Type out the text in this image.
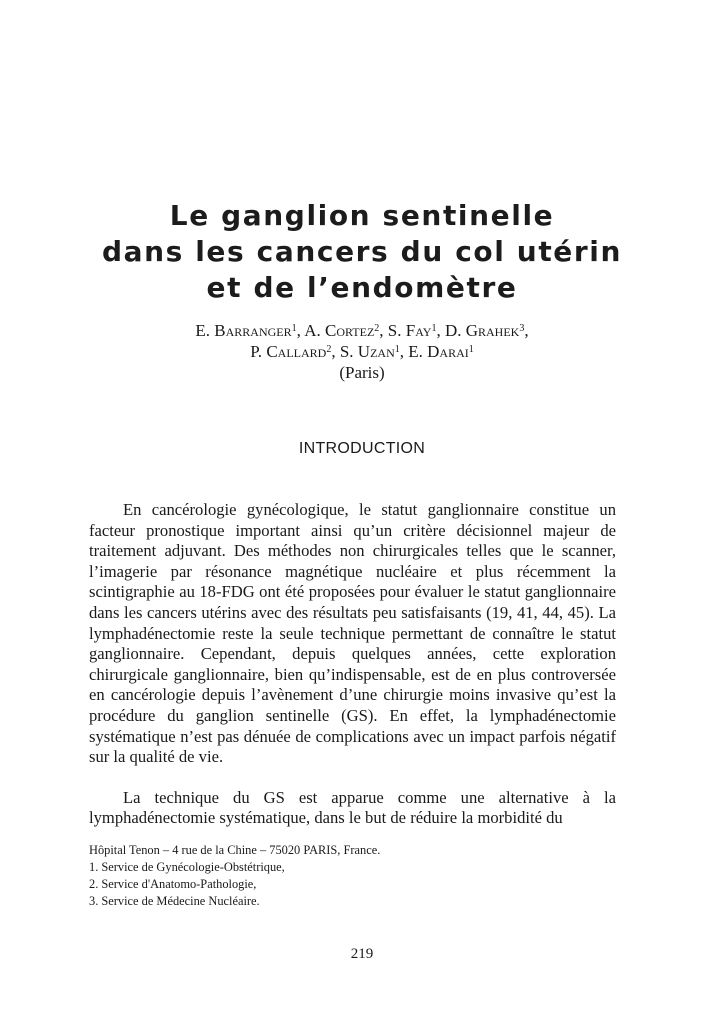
Le ganglion sentinelle
dans les cancers du col utérin
et de l’endomètre
E. Barranger$^1$, A. Cortez$^2$, S. Fay$^1$, D. Grahek$^3$,
P. Callard$^2$, S. Uzan$^1$, E. Darai$^1$
(Paris)
INTRODUCTION

En cancérologie gynécologique, le statut ganglionnaire constitue un facteur pronostique important ainsi qu’un critère décisionnel majeur de traitement adjuvant. Des méthodes non chirurgicales telles que le scanner, l’imagerie par résonance magnétique nucléaire et plus récemment la scintigraphie au 18-FDG ont été proposées pour évaluer le statut ganglionnaire dans les cancers utérins avec des résultats peu satisfaisants (19, 41, 44, 45). La lymphadénectomie reste la seule technique permettant de connaître le statut ganglionnaire. Cependant, depuis quelques années, cette exploration chirurgicale ganglionnaire, bien qu’indispensable, est de en plus controversée en cancérologie depuis l’avènement d’une chirurgie moins invasive qu’est la procédure du ganglion sentinelle (GS). En effet, la lymphadénectomie systématique n’est pas dénuée de complications avec un impact parfois négatif sur la qualité de vie.

La technique du GS est apparue comme une alternative à la lymphadénectomie systématique, dans le but de réduire la morbidité du

Hôpital Tenon – 4 rue de la Chine – 75020 PARIS, France.
1. Service de Gynécologie-Obstétrique,
2. Service d'Anatomo-Pathologie,
3. Service de Médecine Nucléaire.
219
